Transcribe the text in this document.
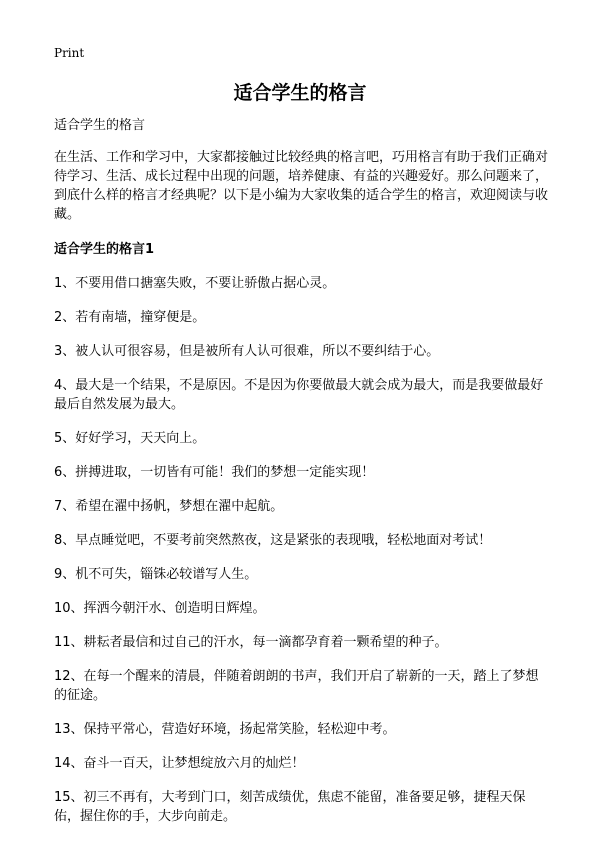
Print
适合学生的格言

适合学生的格言

在生活、工作和学习中，大家都接触过比较经典的格言吧，巧用格言有助于我们正确对待学习、生活、成长过程中出现的问题，培养健康、有益的兴趣爱好。那么问题来了，到底什么样的格言才经典呢？以下是小编为大家收集的适合学生的格言，欢迎阅读与收藏。

适合学生的格言1

1、不要用借口搪塞失败，不要让骄傲占据心灵。

2、若有南墙，撞穿便是。

3、被人认可很容易，但是被所有人认可很难，所以不要纠结于心。

4、最大是一个结果，不是原因。不是因为你要做最大就会成为最大，而是我要做最好最后自然发展为最大。

5、好好学习，天天向上。

6、拼搏进取，一切皆有可能！我们的梦想一定能实现！

7、希望在濯中扬帆，梦想在濯中起航。

8、早点睡觉吧，不要考前突然熬夜，这是紧张的表现哦，轻松地面对考试！

9、机不可失，锱铢必较谱写人生。

10、挥洒今朝汗水、创造明日辉煌。

11、耕耘者最信和过自己的汗水，每一滴都孕育着一颗希望的种子。

12、在每一个醒来的清晨，伴随着朗朗的书声，我们开启了崭新的一天，踏上了梦想的征途。

13、保持平常心，营造好环境，扬起常笑脸，轻松迎中考。

14、奋斗一百天，让梦想绽放六月的灿烂！

15、初三不再有，大考到门口，刻苦成绩优，焦虑不能留，准备要足够，捷程天保佑，握住你的手，大步向前走。
